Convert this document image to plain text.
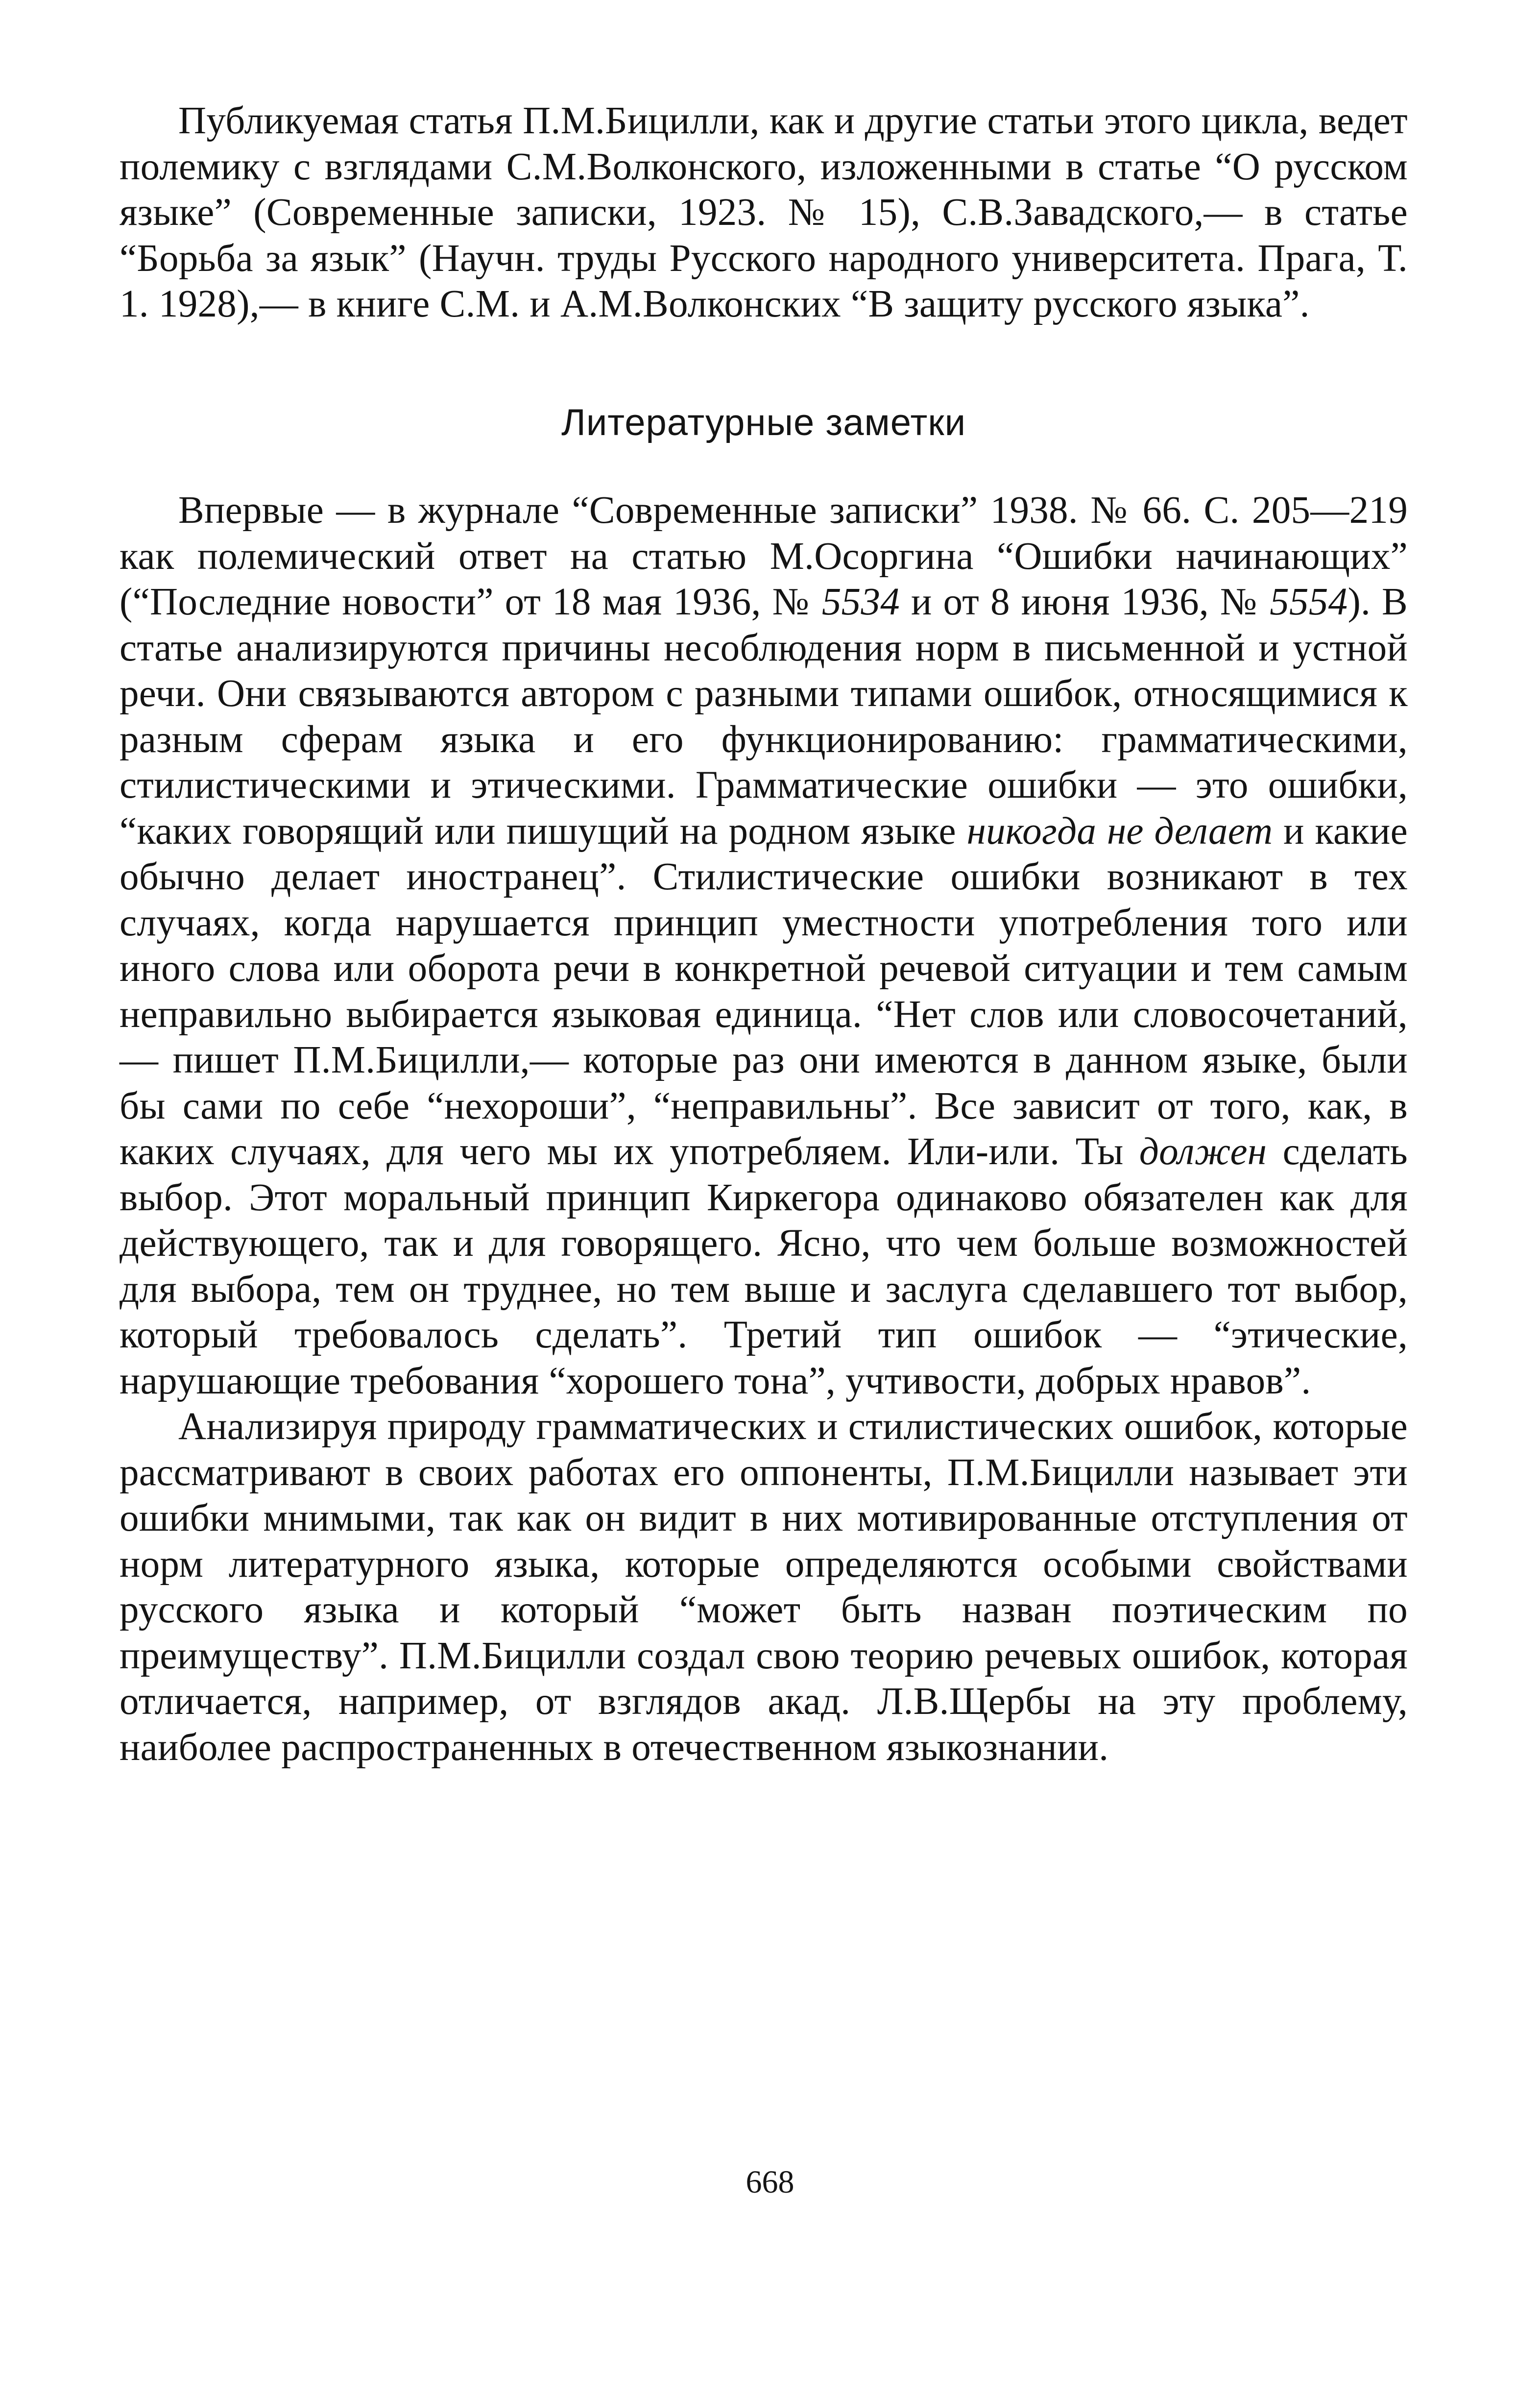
Публикуемая статья П.М.Бицилли, как и другие статьи этого цикла, ведет полемику с взглядами С.М.Волконского, изложенными в статье “О русском языке” (Современные записки, 1923. № 15), С.В.Завадского,— в статье “Борьба за язык” (Научн. труды Русского народного университета. Прага, Т. 1. 1928),— в книге С.М. и А.М.Волконских “В защиту русского языка”.

Литературные заметки

Впервые — в журнале “Современные записки” 1938. № 66. С. 205—219 как полемический ответ на статью М.Осоргина “Ошибки начинающих” (“Последние новости” от 18 мая 1936, № 5534 и от 8 июня 1936, № 5554). В статье анализируются причины несоблюдения норм в письменной и устной речи. Они связываются автором с разными типами ошибок, относящимися к разным сферам языка и его функционированию: грамматическими, стилистическими и этическими. Грамматические ошибки — это ошибки, “каких говорящий или пишущий на родном языке никогда не делает и какие обычно делает иностранец”. Стилистические ошибки возникают в тех случаях, когда нарушается принцип уместности употребления того или иного слова или оборота речи в конкретной речевой ситуации и тем самым неправильно выбирается языковая единица. “Нет слов или словосочетаний,— пишет П.М.Бицилли,— которые раз они имеются в данном языке, были бы сами по себе “нехороши”, “неправильны”. Все зависит от того, как, в каких случаях, для чего мы их употребляем. Или-или. Ты должен сделать выбор. Этот моральный принцип Киркегора одинаково обязателен как для действующего, так и для говорящего. Ясно, что чем больше возможностей для выбора, тем он труднее, но тем выше и заслуга сделавшего тот выбор, который требовалось сделать”. Третий тип ошибок — “этические, нарушающие требования “хорошего тона”, учтивости, добрых нравов”.

Анализируя природу грамматических и стилистических ошибок, которые рассматривают в своих работах его оппоненты, П.М.Бицилли называет эти ошибки мнимыми, так как он видит в них мотивированные отступления от норм литературного языка, которые определяются особыми свойствами русского языка и который “может быть назван поэтическим по преимуществу”. П.М.Бицилли создал свою теорию речевых ошибок, которая отличается, например, от взглядов акад. Л.В.Щербы на эту проблему, наиболее распространенных в отечественном языкознании.

668
